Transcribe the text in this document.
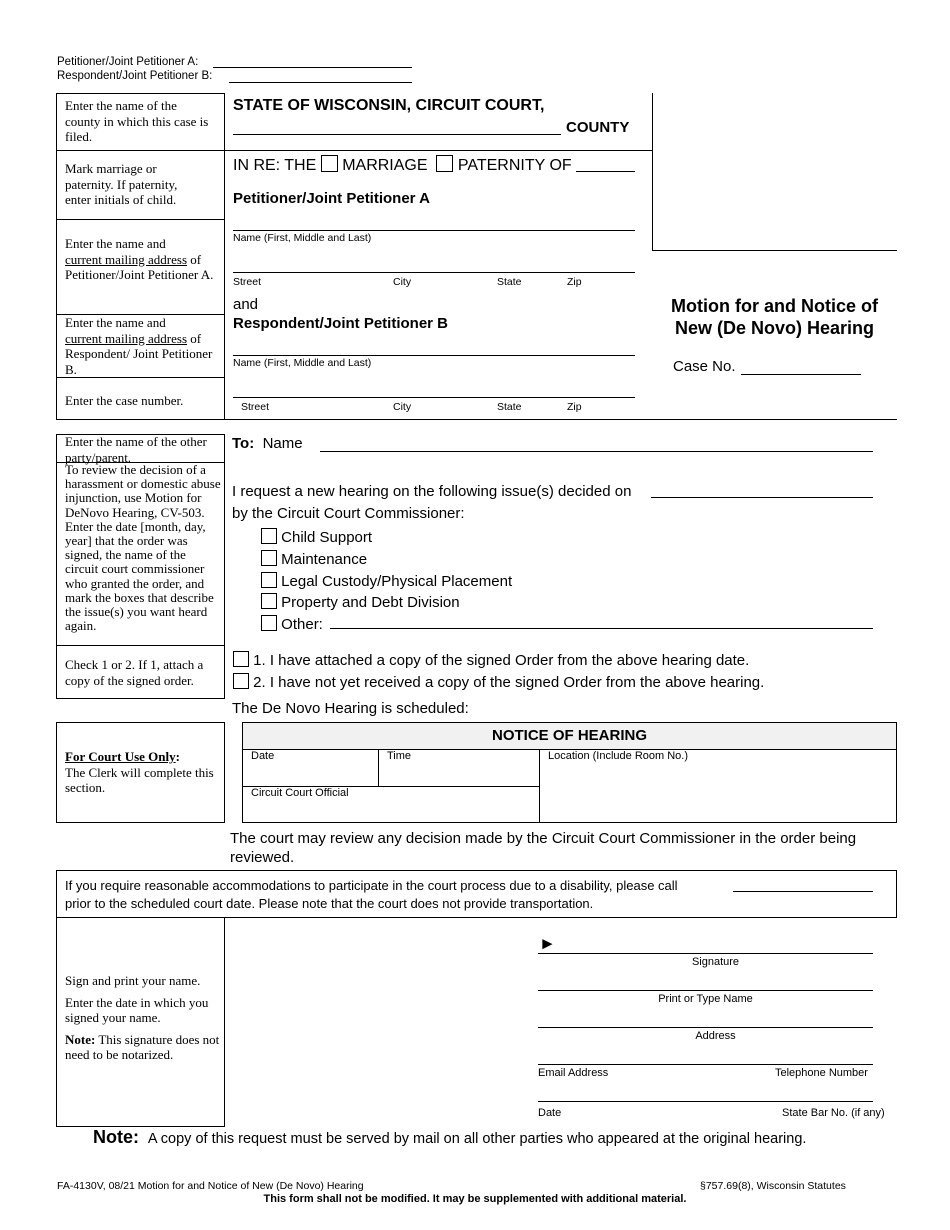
Petitioner/Joint Petitioner A:
Respondent/Joint Petitioner B:
Enter the name of the county in which this case is filed.
Mark marriage or paternity. If paternity, enter initials of child.
Enter the name and
current mailing address of Petitioner/Joint Petitioner A.
Enter the name and
current mailing address of Respondent/ Joint Petitioner B.
Enter the case number.
STATE OF WISCONSIN, CIRCUIT COURT,
COUNTY
IN RE: THE MARRIAGE PATERNITY OF
Petitioner/Joint Petitioner A
Name (First, Middle and Last)
Street	City	State	Zip
and
Respondent/Joint Petitioner B
Name (First, Middle and Last)
Street	City	State	Zip
Motion for and Notice of
New (De Novo) Hearing
Case No.
Enter the name of the other party/parent.
To review the decision of a harassment or domestic abuse injunction, use Motion for DeNovo Hearing, CV-503.
Enter the date [month, day, year] that the order was signed, the name of the circuit court commissioner who granted the order, and mark the boxes that describe the issue(s) you want heard again.
Check 1 or 2. If 1, attach a copy of the signed order.
To: Name
I request a new hearing on the following issue(s) decided on
by the Circuit Court Commissioner:
Child Support
Maintenance
Legal Custody/Physical Placement
Property and Debt Division
Other:
1. I have attached a copy of the signed Order from the above hearing date.
2. I have not yet received a copy of the signed Order from the above hearing.
The De Novo Hearing is scheduled:
For Court Use Only:
The Clerk will complete this section.
NOTICE OF HEARING
Date	Time	Location (Include Room No.)
Circuit Court Official
The court may review any decision made by the Circuit Court Commissioner in the order being reviewed.
If you require reasonable accommodations to participate in the court process due to a disability, please call
prior to the scheduled court date. Please note that the court does not provide transportation.
Sign and print your name.
Enter the date in which you signed your name.
Note: This signature does not need to be notarized.
►
Signature
Print or Type Name
Address
Email Address	Telephone Number
Date	State Bar No. (if any)
Note: A copy of this request must be served by mail on all other parties who appeared at the original hearing.
FA-4130V, 08/21 Motion for and Notice of New (De Novo) Hearing	§757.69(8), Wisconsin Statutes
This form shall not be modified. It may be supplemented with additional material.
